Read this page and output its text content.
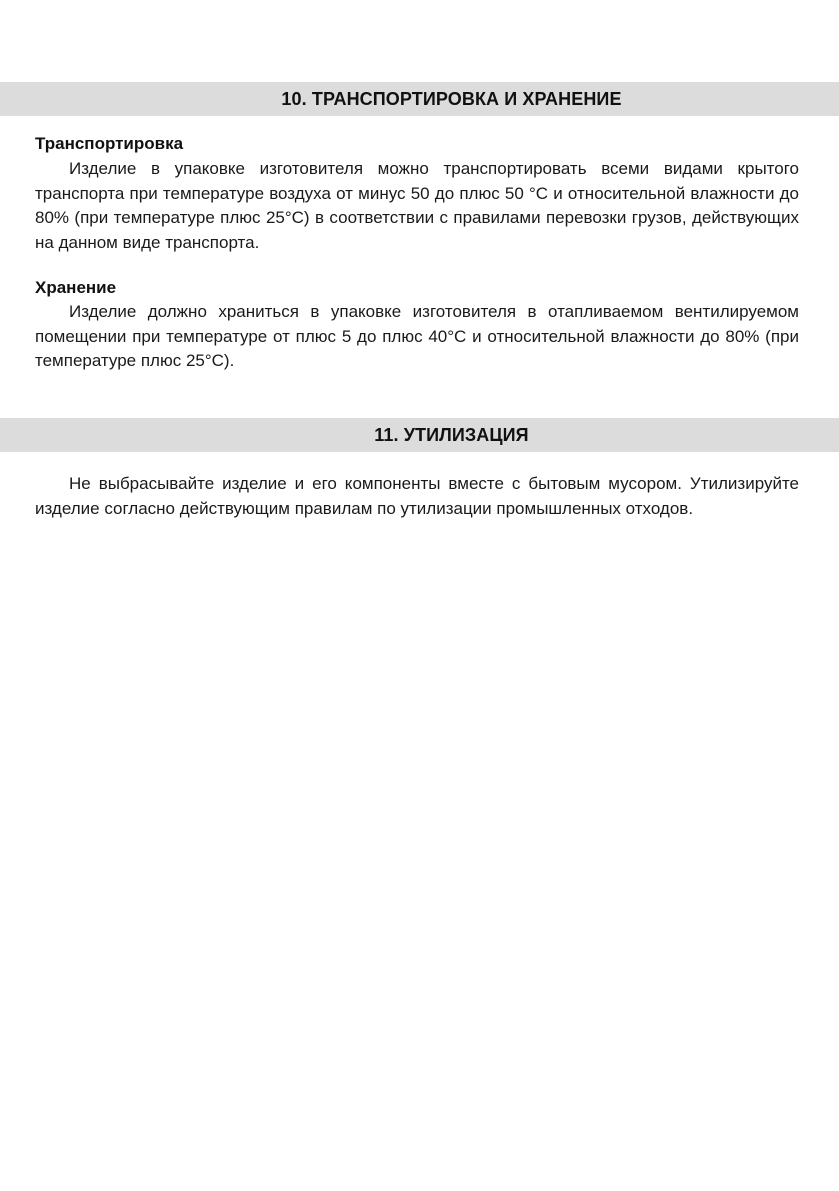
10. ТРАНСПОРТИРОВКА И ХРАНЕНИЕ
Транспортировка

Изделие в упаковке изготовителя можно транспортировать всеми видами крытого транспорта при температуре воздуха от минус 50 до плюс 50 °С и относительной влажности до 80% (при температуре плюс 25°С) в соответствии с правилами перевозки грузов, действующих на данном виде транспорта.

Хранение

Изделие должно храниться в упаковке изготовителя в отапливаемом вентилируемом помещении при температуре от плюс 5 до плюс 40°С и относительной влажности до 80% (при температуре плюс 25°С).

11. УТИЛИЗАЦИЯ

Не выбрасывайте изделие и его компоненты вместе с бытовым мусором. Утилизируйте изделие согласно действующим правилам по утилизации промышленных отходов.
